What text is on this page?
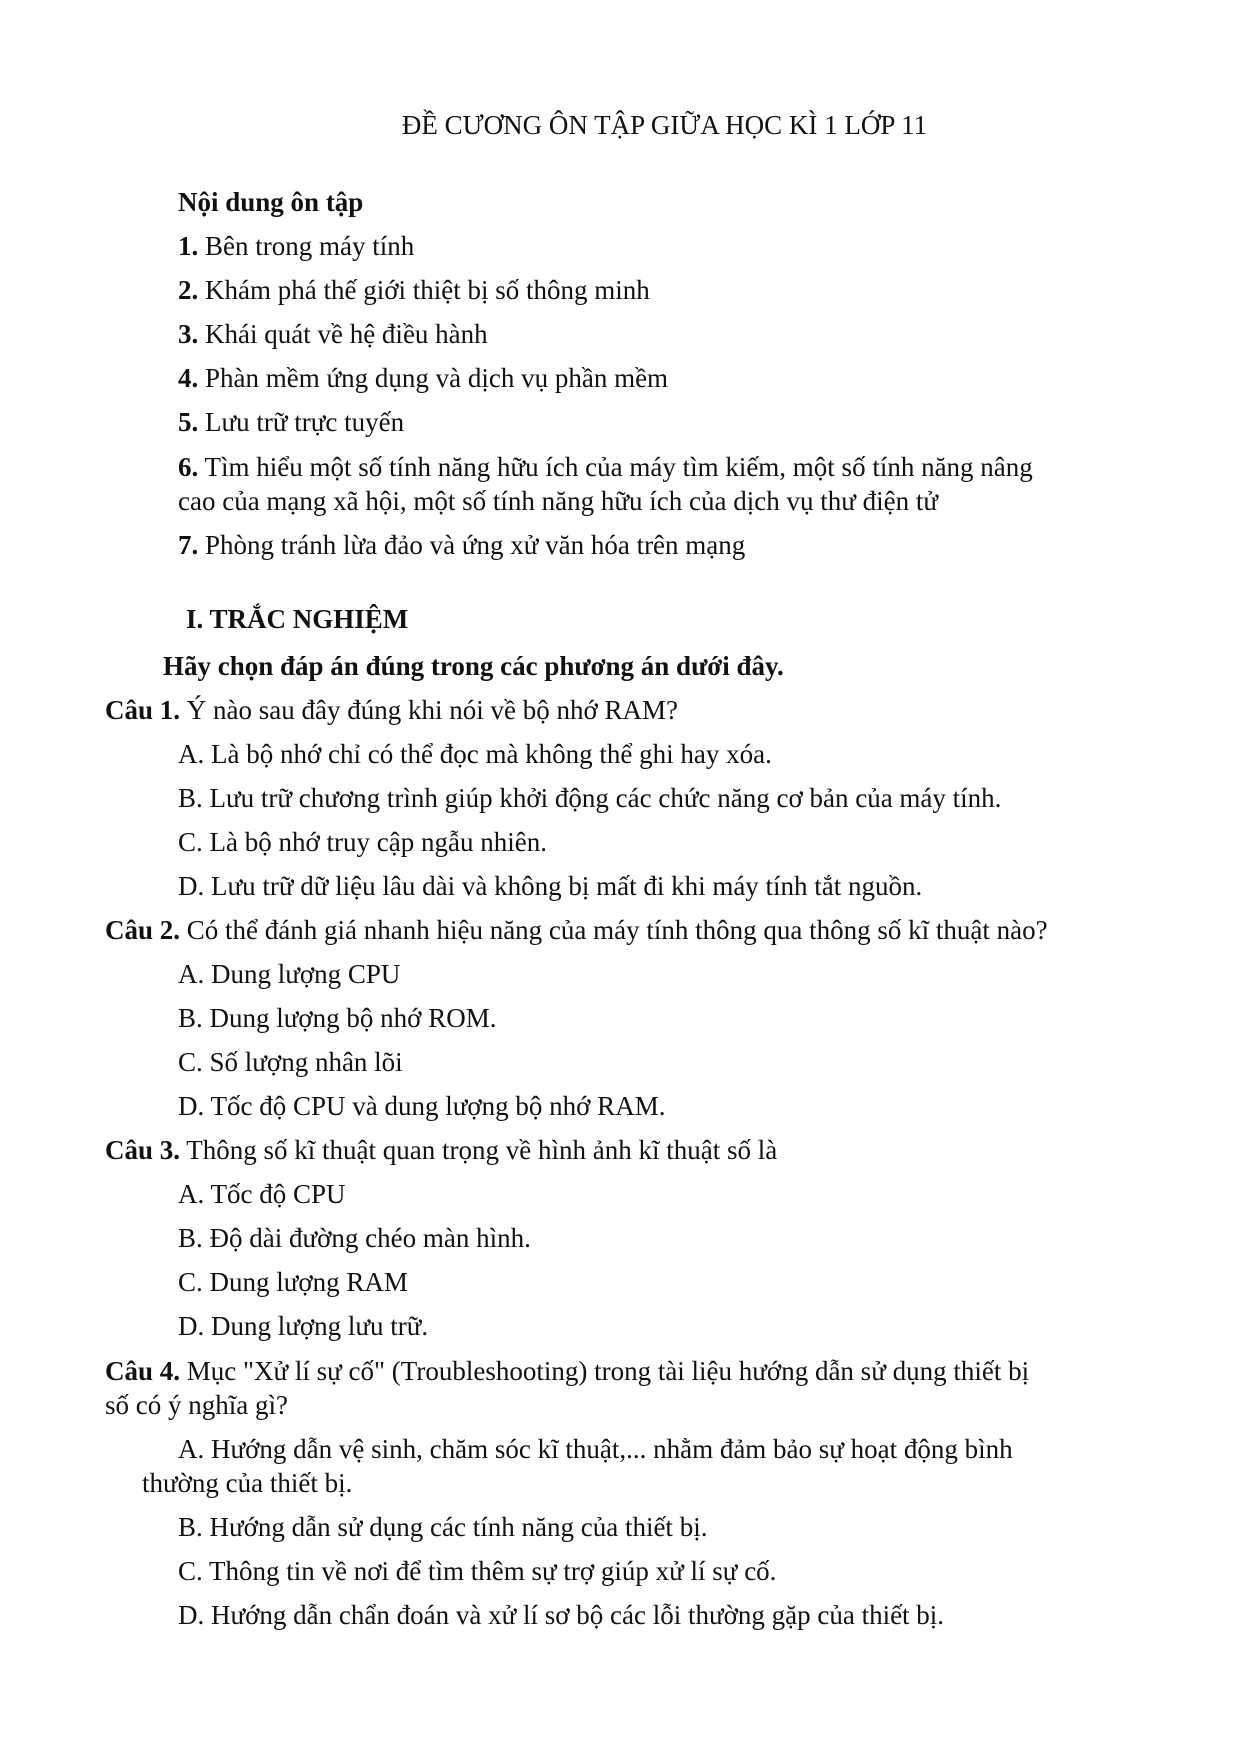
ĐỀ CƯƠNG ÔN TẬP GIỮA HỌC KÌ 1 LỚP 11
Nội dung ôn tập
1. Bên trong máy tính
2. Khám phá thế giới thiệt bị số thông minh
3. Khái quát về hệ điều hành
4. Phàn mềm ứng dụng và dịch vụ phần mềm
5. Lưu trữ trực tuyến
6. Tìm hiểu một số tính năng hữu ích của máy tìm kiếm, một số tính năng nâng
cao của mạng xã hội, một số tính năng hữu ích của dịch vụ thư điện tử
7. Phòng tránh lừa đảo và ứng xử văn hóa trên mạng
I. TRẮC NGHIỆM
Hãy chọn đáp án đúng trong các phương án dưới đây.
Câu 1. Ý nào sau đây đúng khi nói về bộ nhớ RAM?
A. Là bộ nhớ chỉ có thể đọc mà không thể ghi hay xóa.
B. Lưu trữ chương trình giúp khởi động các chức năng cơ bản của máy tính.
C. Là bộ nhớ truy cập ngẫu nhiên.
D. Lưu trữ dữ liệu lâu dài và không bị mất đi khi máy tính tắt nguồn.
Câu 2. Có thể đánh giá nhanh hiệu năng của máy tính thông qua thông số kĩ thuật nào?
A. Dung lượng CPU
B. Dung lượng bộ nhớ ROM.
C. Số lượng nhân lõi
D. Tốc độ CPU và dung lượng bộ nhớ RAM.
Câu 3. Thông số kĩ thuật quan trọng về hình ảnh kĩ thuật số là
A. Tốc độ CPU
B. Độ dài đường chéo màn hình.
C. Dung lượng RAM
D. Dung lượng lưu trữ.
Câu 4. Mục "Xử lí sự cố" (Troubleshooting) trong tài liệu hướng dẫn sử dụng thiết bị
số có ý nghĩa gì?
A. Hướng dẫn vệ sinh, chăm sóc kĩ thuật,... nhằm đảm bảo sự hoạt động bình
thường của thiết bị.
B. Hướng dẫn sử dụng các tính năng của thiết bị.
C. Thông tin về nơi để tìm thêm sự trợ giúp xử lí sự cố.
D. Hướng dẫn chẩn đoán và xử lí sơ bộ các lỗi thường gặp của thiết bị.
